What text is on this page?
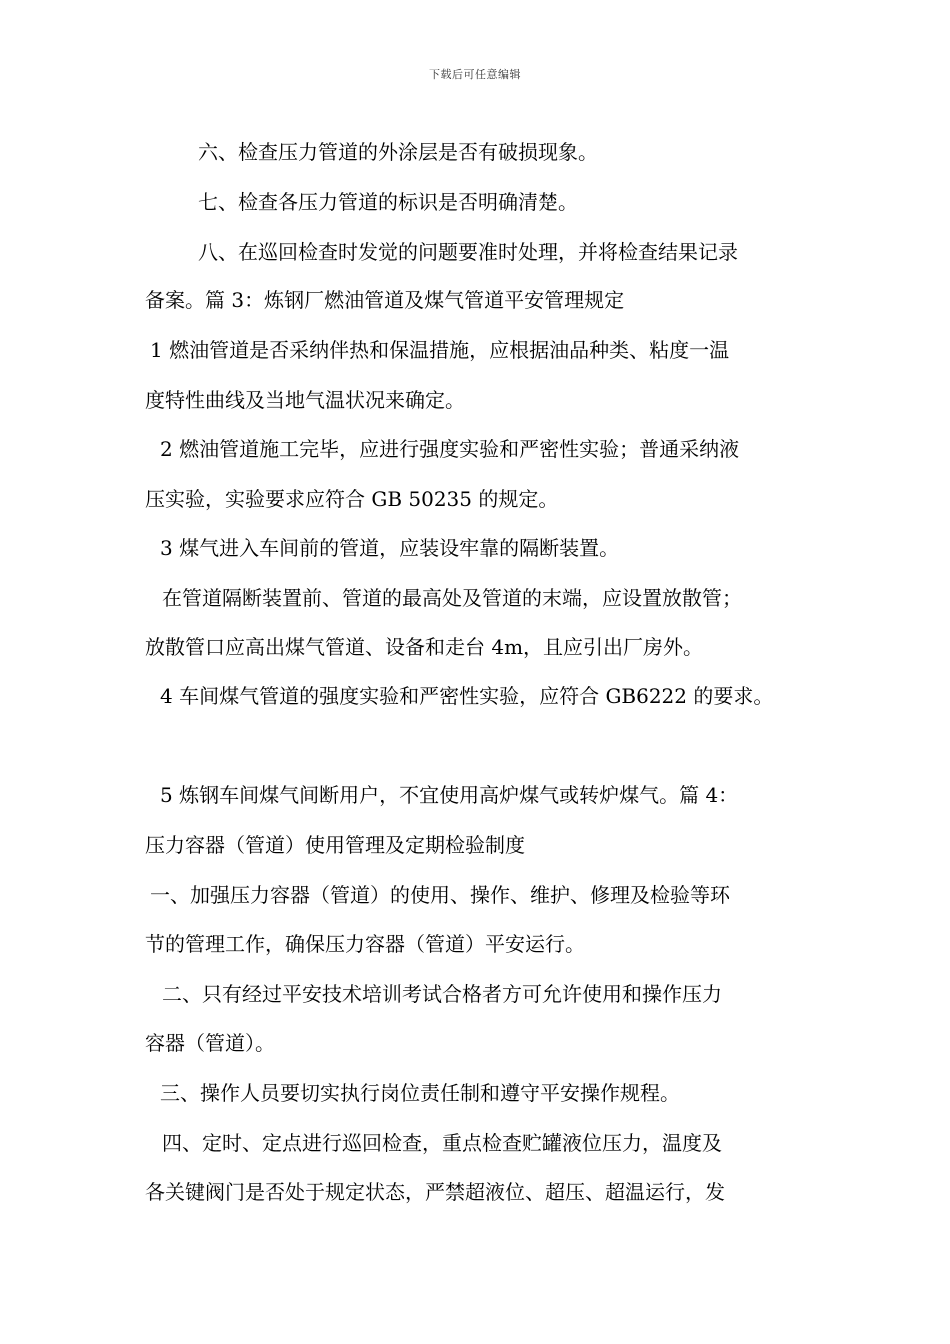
下载后可任意编辑
六、检查压力管道的外涂层是否有破损现象。
七、检查各压力管道的标识是否明确清楚。
八、在巡回检查时发觉的问题要准时处理，并将检查结果记录
备案。篇 3：炼钢厂燃油管道及煤气管道平安管理规定
1 燃油管道是否采纳伴热和保温措施，应根据油品种类、粘度一温
度特性曲线及当地气温状况来确定。
2 燃油管道施工完毕，应进行强度实验和严密性实验；普通采纳液
压实验，实验要求应符合 GB 50235 的规定。
3 煤气进入车间前的管道，应装设牢靠的隔断装置。
在管道隔断装置前、管道的最高处及管道的末端，应设置放散管；
放散管口应高出煤气管道、设备和走台 4m，且应引出厂房外。
4 车间煤气管道的强度实验和严密性实验，应符合 GB6222 的要求。
5 炼钢车间煤气间断用户，不宜使用高炉煤气或转炉煤气。篇 4：
压力容器（管道）使用管理及定期检验制度
一、加强压力容器（管道）的使用、操作、维护、修理及检验等环
节的管理工作，确保压力容器（管道）平安运行。
二、只有经过平安技术培训考试合格者方可允许使用和操作压力
容器（管道）。
三、操作人员要切实执行岗位责任制和遵守平安操作规程。
四、定时、定点进行巡回检查，重点检查贮罐液位压力，温度及
各关键阀门是否处于规定状态，严禁超液位、超压、超温运行，发
